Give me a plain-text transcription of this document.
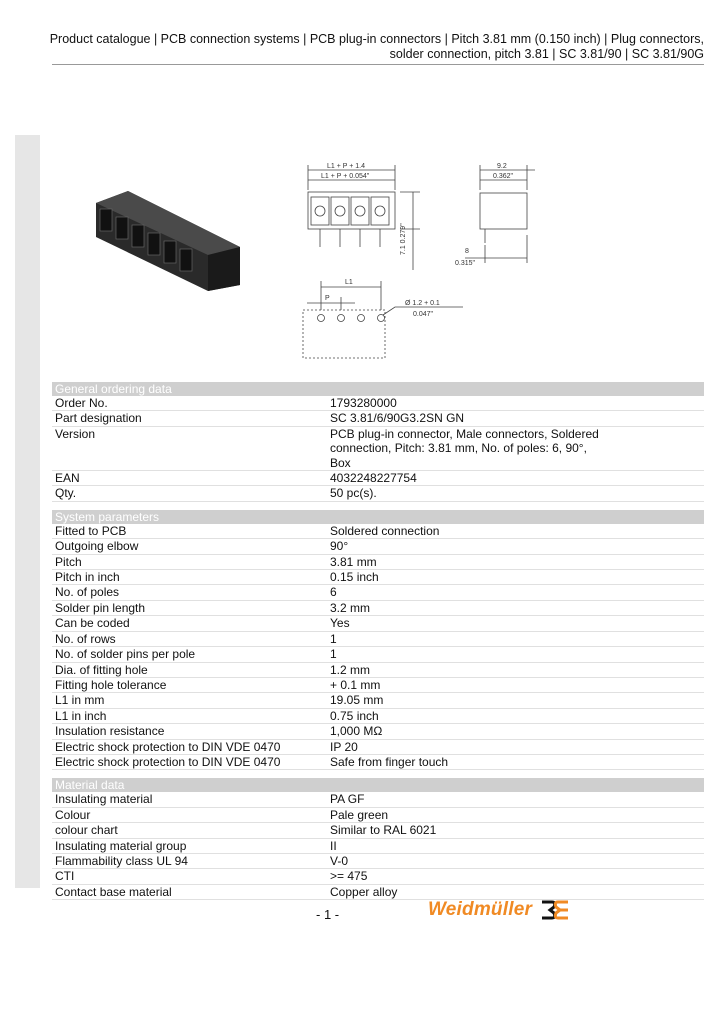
Product catalogue | PCB connection systems | PCB plug-in connectors | Pitch 3.81 mm (0.150 inch) | Plug connectors, solder connection, pitch 3.81 | SC 3.81/90 | SC 3.81/90G
L1 + P + 1.4
L1 + P + 0.054"
9.2
0.362"
7.1 0.279"
8
0.315"
L1
P
Ø 1.2 + 0.1
0.047"
General ordering data
Order No.	1793280000
Part designation	SC 3.81/6/90G3.2SN GN
Version	PCB plug-in connector, Male connectors, Soldered connection, Pitch: 3.81 mm, No. of poles: 6, 90°, Box
EAN	4032248227754
Qty.	50 pc(s).
System parameters
Fitted to PCB	Soldered connection
Outgoing elbow	90°
Pitch	3.81 mm
Pitch in inch	0.15 inch
No. of poles	6
Solder pin length	3.2 mm
Can be coded	Yes
No. of rows	1
No. of solder pins per pole	1
Dia. of fitting hole	1.2 mm
Fitting hole tolerance	+ 0.1 mm
L1 in mm	19.05 mm
L1 in inch	0.75 inch
Insulation resistance	1,000 MΩ
Electric shock protection to DIN VDE 0470	IP 20
Electric shock protection to DIN VDE 0470	Safe from finger touch
Material data
Insulating material	PA GF
Colour	Pale green
colour chart	Similar to RAL 6021
Insulating material group	II
Flammability class UL 94	V-0
CTI	>= 475
Contact base material	Copper alloy
- 1 -	Weidmüller
